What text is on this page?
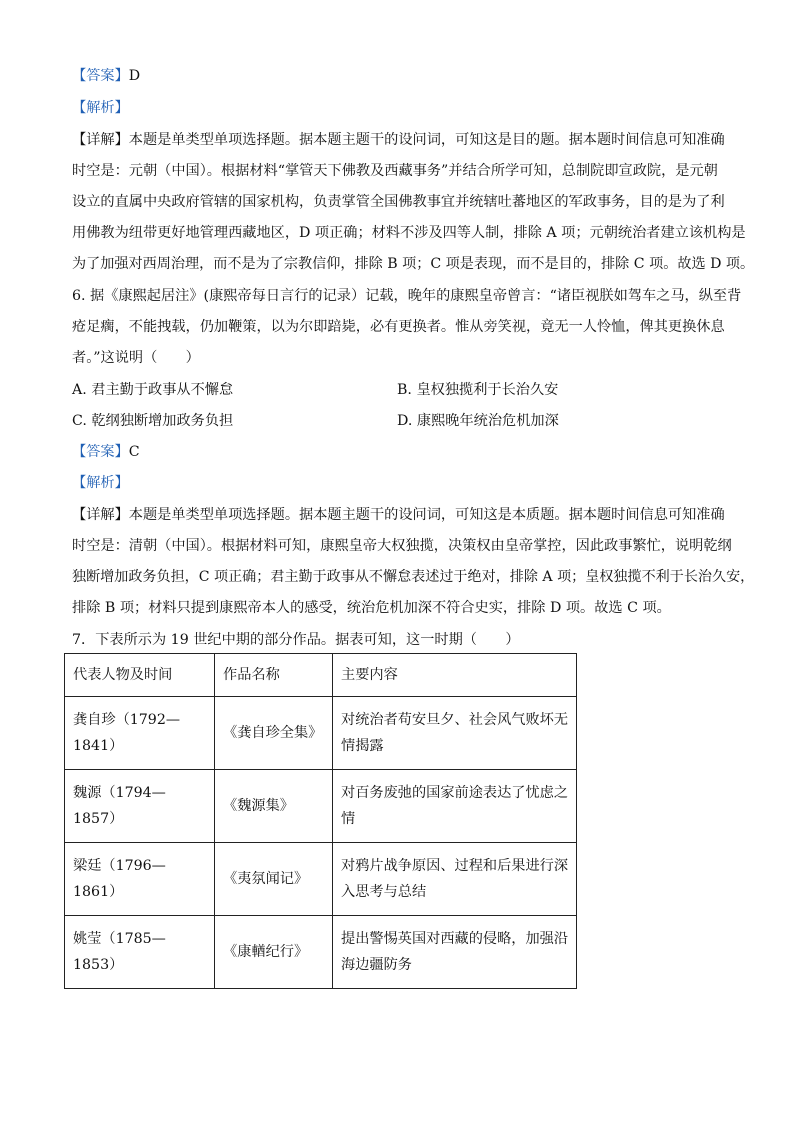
【答案】D
【解析】
【详解】本题是单类型单项选择题。据本题主题干的设问词，可知这是目的题。据本题时间信息可知准确
时空是：元朝（中国）。根据材料“掌管天下佛教及西藏事务”并结合所学可知，总制院即宣政院，是元朝
设立的直属中央政府管辖的国家机构，负责掌管全国佛教事宜并统辖吐蕃地区的军政事务，目的是为了利
用佛教为纽带更好地管理西藏地区，D 项正确；材料不涉及四等人制，排除 A 项；元朝统治者建立该机构是
为了加强对西周治理，而不是为了宗教信仰，排除 B 项；C 项是表现，而不是目的，排除 C 项。故选 D 项。
6. 据《康熙起居注》(康熙帝每日言行的记录）记载，晚年的康熙皇帝曾言：“诸臣视朕如驾车之马，纵至背
疮足瘸，不能拽载，仍加鞭策，以为尔即踣毙，必有更换者。惟从旁笑视，竟无一人怜恤，俾其更换休息
者。”这说明（　　）
A. 君主勤于政事从不懈怠	B. 皇权独揽利于长治久安
C. 乾纲独断增加政务负担	D. 康熙晚年统治危机加深
【答案】C
【解析】
【详解】本题是单类型单项选择题。据本题主题干的设问词，可知这是本质题。据本题时间信息可知准确
时空是：清朝（中国）。根据材料可知，康熙皇帝大权独揽，决策权由皇帝掌控，因此政事繁忙，说明乾纲
独断增加政务负担，C 项正确；君主勤于政事从不懈怠表述过于绝对，排除 A 项；皇权独揽不利于长治久安，
排除 B 项；材料只提到康熙帝本人的感受，统治危机加深不符合史实，排除 D 项。故选 C 项。
7．下表所示为 19 世纪中期的部分作品。据表可知，这一时期（　　）
代表人物及时间	作品名称	主要内容
龚自珍（1792—1841）	《龚自珍全集》	对统治者苟安旦夕、社会风气败坏无情揭露
魏源（1794—1857）	《魏源集》	对百务废弛的国家前途表达了忧虑之情
梁廷（1796—1861）	《夷氛闻记》	对鸦片战争原因、过程和后果进行深入思考与总结
姚莹（1785—1853）	《康輶纪行》	提出警惕英国对西藏的侵略，加强沿海边疆防务
